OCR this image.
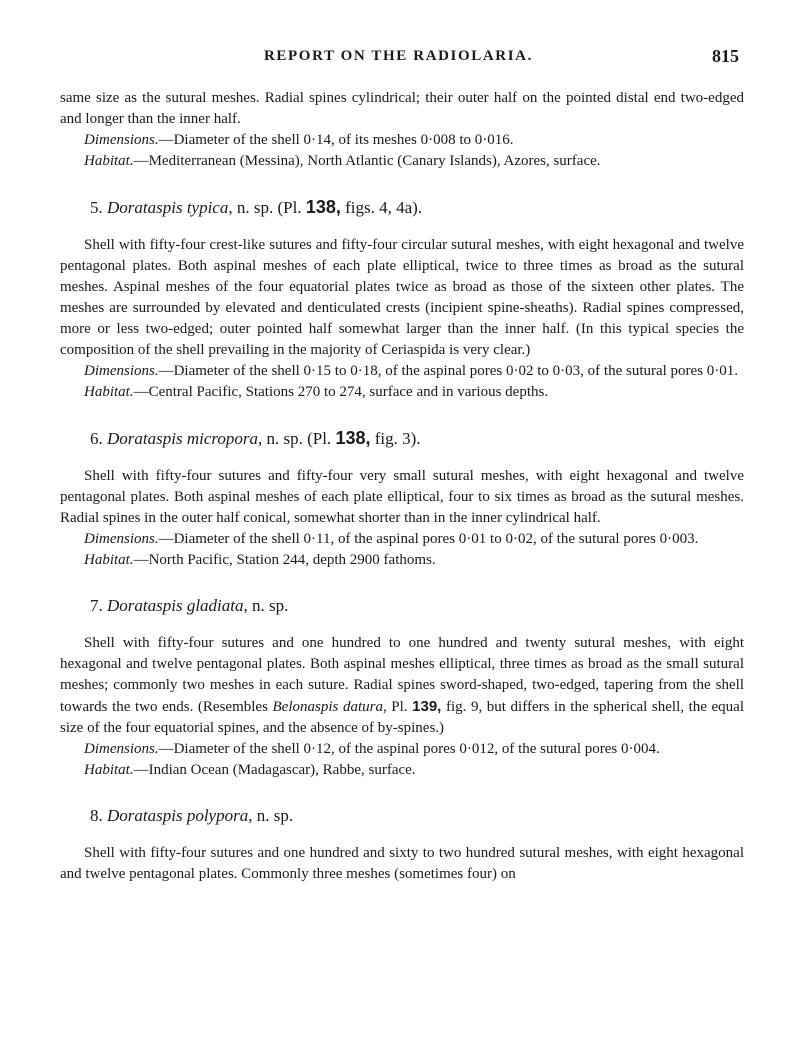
REPORT ON THE RADIOLARIA.	815

same size as the sutural meshes. Radial spines cylindrical; their outer half on the pointed distal end two-edged and longer than the inner half.

Dimensions.—Diameter of the shell 0·14, of its meshes 0·008 to 0·016.

Habitat.—Mediterranean (Messina), North Atlantic (Canary Islands), Azores, surface.

5. Dorataspis typica, n. sp. (Pl. 138, figs. 4, 4a).

Shell with fifty-four crest-like sutures and fifty-four circular sutural meshes, with eight hexagonal and twelve pentagonal plates. Both aspinal meshes of each plate elliptical, twice to three times as broad as the sutural meshes. Aspinal meshes of the four equatorial plates twice as broad as those of the sixteen other plates. The meshes are surrounded by elevated and denticulated crests (incipient spine-sheaths). Radial spines compressed, more or less two-edged; outer pointed half somewhat larger than the inner half. (In this typical species the composition of the shell prevailing in the majority of Ceriaspida is very clear.)

Dimensions.—Diameter of the shell 0·15 to 0·18, of the aspinal pores 0·02 to 0·03, of the sutural pores 0·01.

Habitat.—Central Pacific, Stations 270 to 274, surface and in various depths.

6. Dorataspis micropora, n. sp. (Pl. 138, fig. 3).

Shell with fifty-four sutures and fifty-four very small sutural meshes, with eight hexagonal and twelve pentagonal plates. Both aspinal meshes of each plate elliptical, four to six times as broad as the sutural meshes. Radial spines in the outer half conical, somewhat shorter than in the inner cylindrical half.

Dimensions.—Diameter of the shell 0·11, of the aspinal pores 0·01 to 0·02, of the sutural pores 0·003.

Habitat.—North Pacific, Station 244, depth 2900 fathoms.

7. Dorataspis gladiata, n. sp.

Shell with fifty-four sutures and one hundred to one hundred and twenty sutural meshes, with eight hexagonal and twelve pentagonal plates. Both aspinal meshes elliptical, three times as broad as the small sutural meshes; commonly two meshes in each suture. Radial spines sword-shaped, two-edged, tapering from the shell towards the two ends. (Resembles Belonaspis datura, Pl. 139, fig. 9, but differs in the spherical shell, the equal size of the four equatorial spines, and the absence of by-spines.)

Dimensions.—Diameter of the shell 0·12, of the aspinal pores 0·012, of the sutural pores 0·004.

Habitat.—Indian Ocean (Madagascar), Rabbe, surface.

8. Dorataspis polypora, n. sp.

Shell with fifty-four sutures and one hundred and sixty to two hundred sutural meshes, with eight hexagonal and twelve pentagonal plates. Commonly three meshes (sometimes four) on
